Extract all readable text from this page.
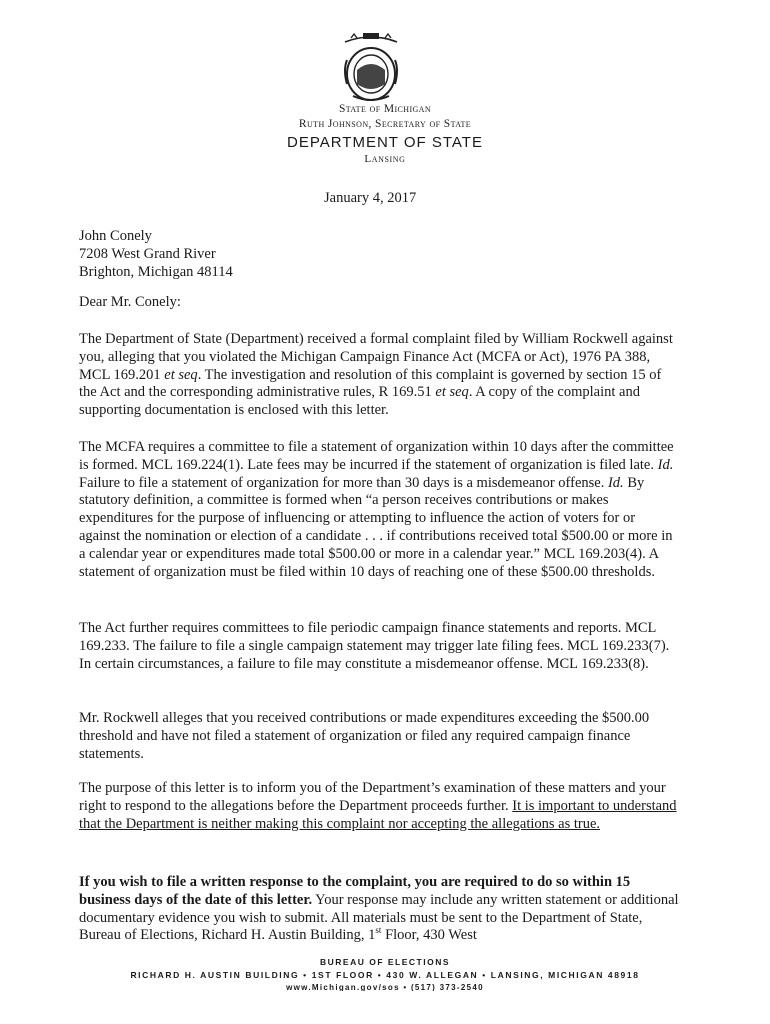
State of Michigan
Ruth Johnson, Secretary of State
DEPARTMENT OF STATE
Lansing
January 4, 2017
John Conely
7208 West Grand River
Brighton, Michigan 48114
Dear Mr. Conely:

The Department of State (Department) received a formal complaint filed by William Rockwell against you, alleging that you violated the Michigan Campaign Finance Act (MCFA or Act), 1976 PA 388, MCL 169.201 et seq. The investigation and resolution of this complaint is governed by section 15 of the Act and the corresponding administrative rules, R 169.51 et seq. A copy of the complaint and supporting documentation is enclosed with this letter.

The MCFA requires a committee to file a statement of organization within 10 days after the committee is formed. MCL 169.224(1). Late fees may be incurred if the statement of organization is filed late. Id. Failure to file a statement of organization for more than 30 days is a misdemeanor offense. Id. By statutory definition, a committee is formed when “a person receives contributions or makes expenditures for the purpose of influencing or attempting to influence the action of voters for or against the nomination or election of a candidate . . . if contributions received total $500.00 or more in a calendar year or expenditures made total $500.00 or more in a calendar year.” MCL 169.203(4). A statement of organization must be filed within 10 days of reaching one of these $500.00 thresholds.

The Act further requires committees to file periodic campaign finance statements and reports. MCL 169.233. The failure to file a single campaign statement may trigger late filing fees. MCL 169.233(7). In certain circumstances, a failure to file may constitute a misdemeanor offense. MCL 169.233(8).

Mr. Rockwell alleges that you received contributions or made expenditures exceeding the $500.00 threshold and have not filed a statement of organization or filed any required campaign finance statements.

The purpose of this letter is to inform you of the Department’s examination of these matters and your right to respond to the allegations before the Department proceeds further. It is important to understand that the Department is neither making this complaint nor accepting the allegations as true.

If you wish to file a written response to the complaint, you are required to do so within 15 business days of the date of this letter. Your response may include any written statement or additional documentary evidence you wish to submit. All materials must be sent to the Department of State, Bureau of Elections, Richard H. Austin Building, 1st Floor, 430 West

BUREAU OF ELECTIONS
RICHARD H. AUSTIN BUILDING • 1ST FLOOR • 430 W. ALLEGAN • LANSING, MICHIGAN 48918
www.Michigan.gov/sos • (517) 373-2540
